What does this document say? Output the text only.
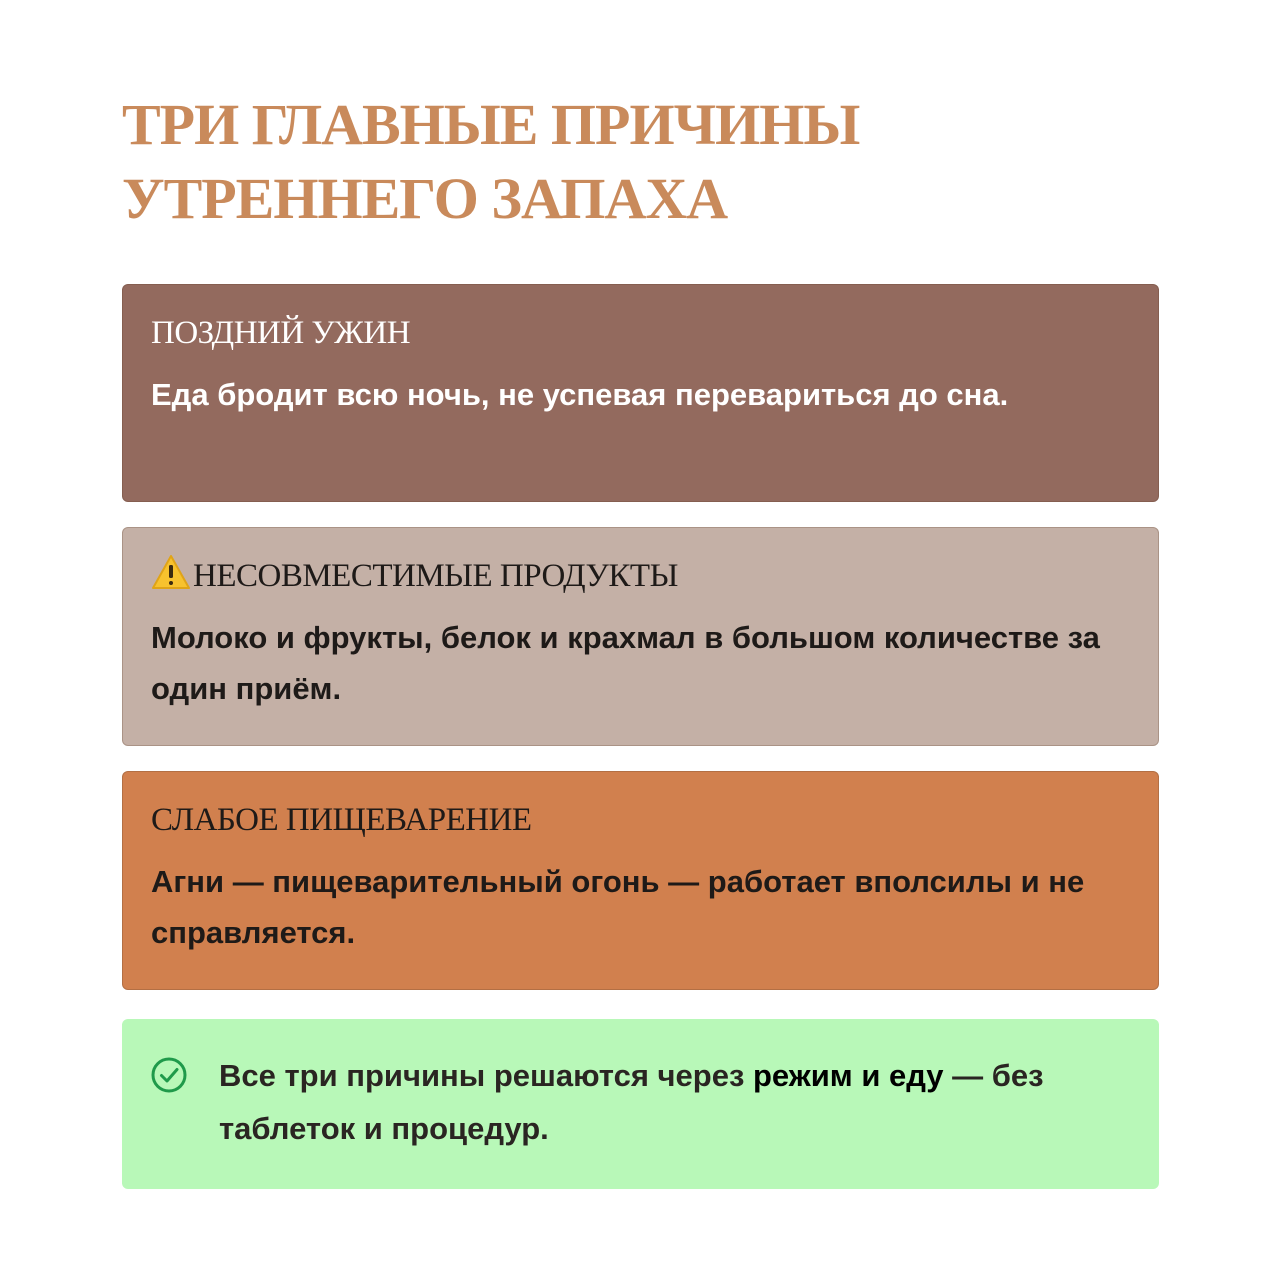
ТРИ ГЛАВНЫЕ ПРИЧИНЫ УТРЕННЕГО ЗАПАХА

ПОЗДНИЙ УЖИН

Еда бродит всю ночь, не успевая перевариться до сна.

НЕСОВМЕСТИМЫЕ ПРОДУКТЫ

Молоко и фрукты, белок и крахмал в большом количестве за один приём.

СЛАБОЕ ПИЩЕВАРЕНИЕ

Агни — пищеварительный огонь — работает вполсилы и не справляется.

Все три причины решаются через режим и еду — без таблеток и процедур.
